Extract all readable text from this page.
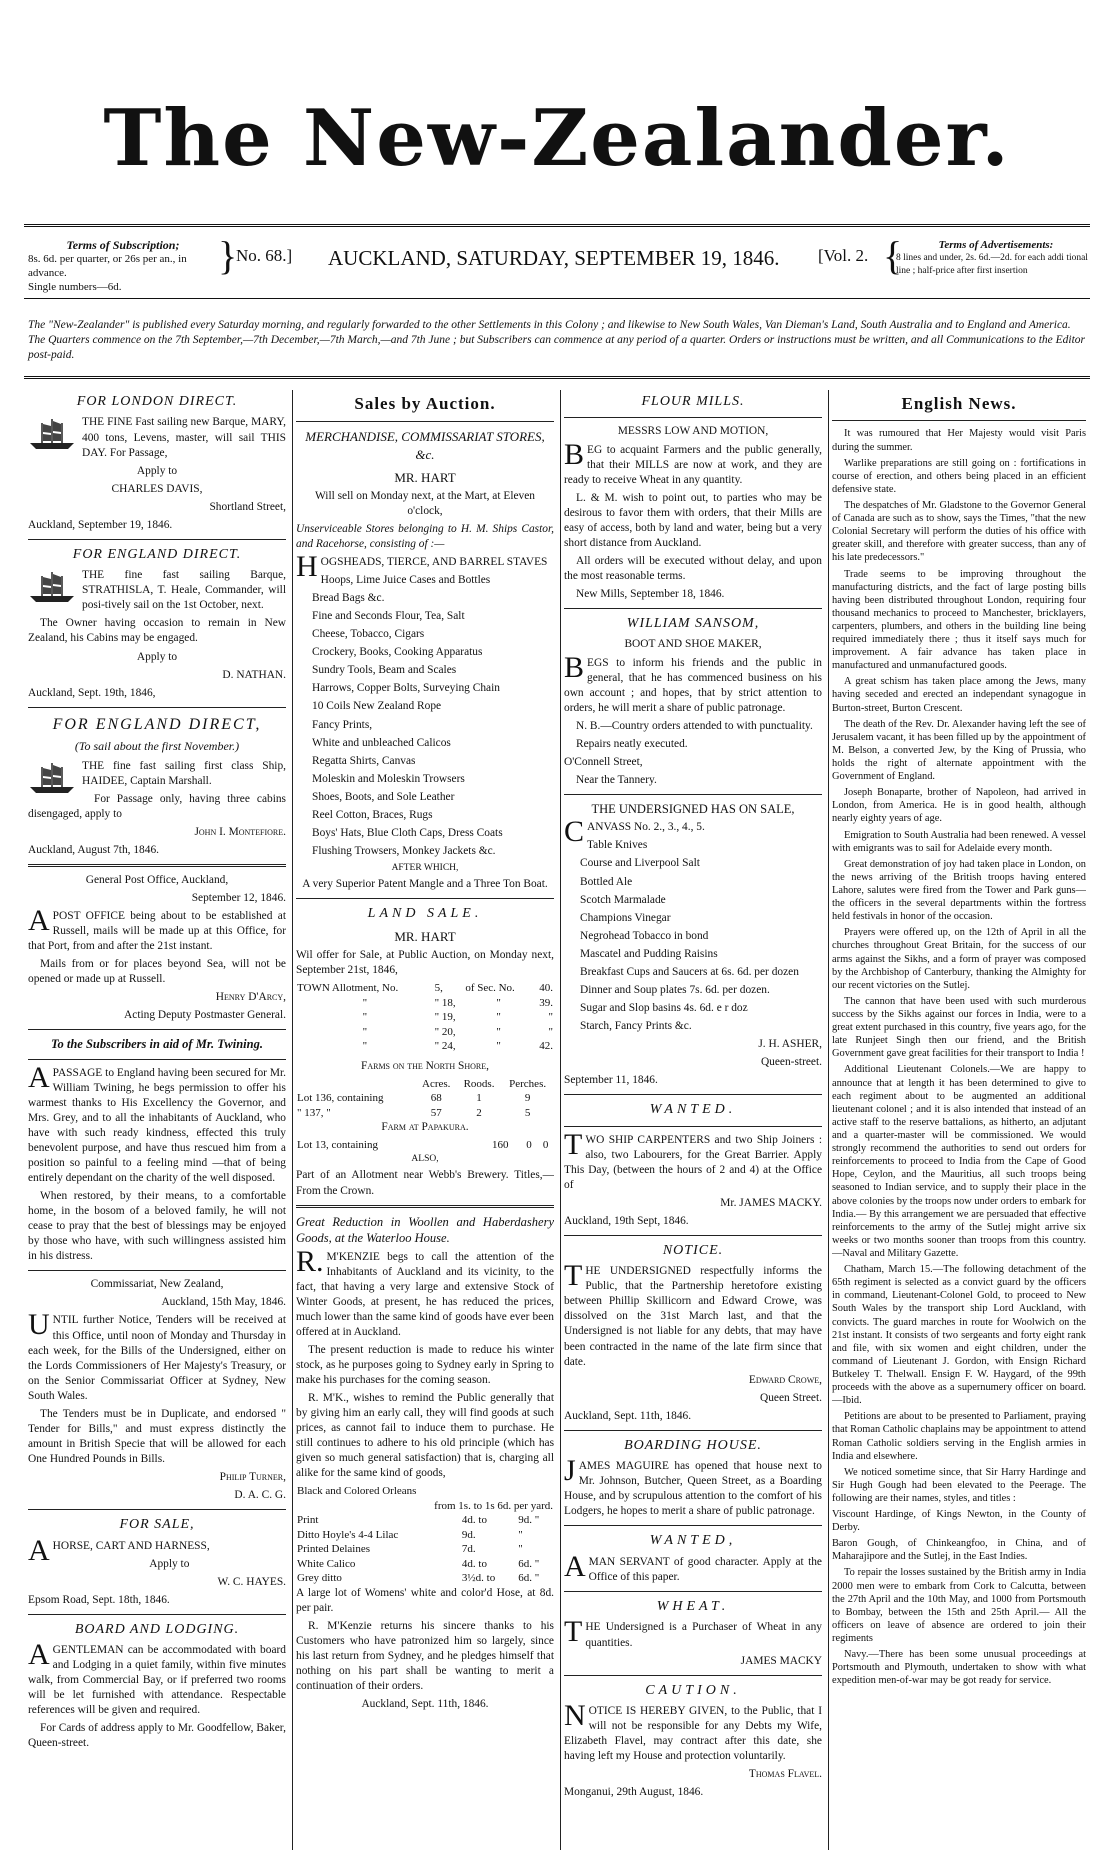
The New-Zealander.
Terms of Subscription;
8s. 6d. per quarter, or 26s per an., in advance.
Single numbers—6d.
}
No. 68.] AUCKLAND, SATURDAY, SEPTEMBER 19, 1846. [Vol. 2. {	Terms of Advertisements:
8 lines and under, 2s. 6d.—2d. for each addi tional line ; half-price after first insertion
The "New-Zealander" is published every Saturday morning, and regularly forwarded to the other Settlements in this Colony ; and likewise to New South Wales, Van Dieman's Land, South Australia and to England and America. The Quarters commence on the 7th September,—7th December,—7th March,—and 7th June ; but Subscribers can commence at any period of a quarter. Orders or instructions must be written, and all Communications to the Editor post-paid.
FOR LONDON DIRECT.

THE FINE Fast sailing new Barque, MARY, 400 tons, Levens, master, will sail THIS DAY. For Passage,

Apply to

CHARLES DAVIS,

Shortland Street,

Auckland, September 19, 1846.

FOR ENGLAND DIRECT.

THE fine fast sailing Barque, STRATHISLA, T. Heale, Commander, will posi-tively sail on the 1st October, next.

The Owner having occasion to remain in New Zealand, his Cabins may be engaged.

Apply to

D. NATHAN.

Auckland, Sept. 19th, 1846,

FOR ENGLAND DIRECT,
(To sail about the first November.)

THE fine fast sailing first class Ship, HAIDEE, Captain Marshall.

For Passage only, having three cabins disengaged, apply to

John I. Montefiore.

Auckland, August 7th, 1846.

General Post Office, Auckland,

September 12, 1846.

APOST OFFICE being about to be established at Russell, mails will be made up at this Office, for that Port, from and after the 21st instant.

Mails from or for places beyond Sea, will not be opened or made up at Russell.

Henry D'Arcy,

Acting Deputy Postmaster General.

To the Subscribers in aid of Mr. Twining.

APASSAGE to England having been secured for Mr. William Twining, he begs permission to offer his warmest thanks to His Excellency the Governor, and Mrs. Grey, and to all the inhabitants of Auckland, who have with such ready kindness, effected this truly benevolent purpose, and have thus rescued him from a position so painful to a feeling mind —that of being entirely dependant on the charity of the well disposed.

When restored, by their means, to a comfortable home, in the bosom of a beloved family, he will not cease to pray that the best of blessings may be enjoyed by those who have, with such willingness assisted him in his distress.

Commissariat, New Zealand,

Auckland, 15th May, 1846.

UNTIL further Notice, Tenders will be received at this Office, until noon of Monday and Thursday in each week, for the Bills of the Undersigned, either on the Lords Commissioners of Her Majesty's Treasury, or on the Senior Commissariat Officer at Sydney, New South Wales.

The Tenders must be in Duplicate, and endorsed " Tender for Bills," and must express distinctly the amount in British Specie that will be allowed for each One Hundred Pounds in Bills.

Philip Turner,

D. A. C. G.

FOR SALE,

AHORSE, CART AND HARNESS,

Apply to

W. C. HAYES.

Epsom Road, Sept. 18th, 1846.

BOARD AND LODGING.

AGENTLEMAN can be accommodated with board and Lodging in a quiet family, within five minutes walk, from Commercial Bay, or if preferred two rooms will be let furnished with attendance. Respectable references will be given and required.

For Cards of address apply to Mr. Goodfellow, Baker, Queen-street.

Sales by Auction.
MERCHANDISE, COMMISSARIAT STORES, &c.

MR. HART

Will sell on Monday next, at the Mart, at Eleven o'clock,

Unserviceable Stores belonging to H. M. Ships Castor, and Racehorse, consisting of :—

HOGSHEADS, TIERCE, AND BARREL STAVES

Hoops, Lime Juice Cases and Bottles

Bread Bags &c.

Fine and Seconds Flour, Tea, Salt

Cheese, Tobacco, Cigars

Crockery, Books, Cooking Apparatus

Sundry Tools, Beam and Scales

Harrows, Copper Bolts, Surveying Chain

10 Coils New Zealand Rope

Fancy Prints,

White and unbleached Calicos

Regatta Shirts, Canvas

Moleskin and Moleskin Trowsers

Shoes, Boots, and Sole Leather

Reel Cotton, Braces, Rugs

Boys' Hats, Blue Cloth Caps, Dress Coats

Flushing Trowsers, Monkey Jackets &c.

AFTER WHICH,

A very Superior Patent Mangle and a Three Ton Boat.

LAND SALE.

MR. HART

Wil offer for Sale, at Public Auction, on Monday next, September 21st, 1846,

TOWN Allotment, No.	5,	of Sec. No.	40.
"	" 18,	"	39.
"	" 19,	"	"
"	" 20,	"	"
"	" 24,	"	42.

Farms on the North Shore,

	Acres.	Roods.	Perches.
Lot 136, containing	68	1	9
" 137, "	57	2	5

Farm at Papakura.

Lot 13, containing	160	0	0

ALSO,

Part of an Allotment near Webb's Brewery. Titles,—From the Crown.

Great Reduction in Woollen and Haberdashery Goods, at the Waterloo House.

R.M'KENZIE begs to call the attention of the Inhabitants of Auckland and its vicinity, to the fact, that having a very large and extensive Stock of Winter Goods, at present, he has reduced the prices, much lower than the same kind of goods have ever been offered at in Auckland.

The present reduction is made to reduce his winter stock, as he purposes going to Sydney early in Spring to make his purchases for the coming season.

R. M'K., wishes to remind the Public generally that by giving him an early call, they will find goods at such prices, as cannot fail to induce them to purchase. He still continues to adhere to his old principle (which has given so much general satisfaction) that is, charging all alike for the same kind of goods,

Black and Colored Orleans		
from 1s. to 1s 6d. per yard.		
Print	4d. to	9d. "
Ditto Hoyle's 4-4 Lilac	9d.	"
Printed Delaines	7d.	"
White Calico	4d. to	6d. "
Grey ditto	3½d. to	6d. "

A large lot of Womens' white and color'd Hose, at 8d. per pair.

R. M'Kenzie returns his sincere thanks to his Customers who have patronized him so largely, since his last return from Sydney, and he pledges himself that nothing on his part shall be wanting to merit a continuation of their orders.

Auckland, Sept. 11th, 1846.

FLOUR MILLS.

MESSRS LOW AND MOTION,

BEG to acquaint Farmers and the public generally, that their MILLS are now at work, and they are ready to receive Wheat in any quantity.

L. & M. wish to point out, to parties who may be desirous to favor them with orders, that their Mills are easy of access, both by land and water, being but a very short distance from Auckland.

All orders will be executed without delay, and upon the most reasonable terms.

New Mills, September 18, 1846.

WILLIAM SANSOM,

BOOT AND SHOE MAKER,

BEGS to inform his friends and the public in general, that he has commenced business on his own account ; and hopes, that by strict attention to orders, he will merit a share of public patronage.

N. B.—Country orders attended to with punctuality.

Repairs neatly executed.

O'Connell Street,

Near the Tannery.

THE UNDERSIGNED HAS ON SALE,

CANVASS No. 2., 3., 4., 5.

Table Knives

Course and Liverpool Salt

Bottled Ale

Scotch Marmalade

Champions Vinegar

Negrohead Tobacco in bond

Mascatel and Pudding Raisins

Breakfast Cups and Saucers at 6s. 6d. per dozen

Dinner and Soup plates 7s. 6d. per dozen.

Sugar and Slop basins 4s. 6d. e r doz

Starch, Fancy Prints &c.

J. H. ASHER,

Queen-street.

September 11, 1846.

WANTED.

TWO SHIP CARPENTERS and two Ship Joiners : also, two Labourers, for the Great Barrier. Apply This Day, (between the hours of 2 and 4) at the Office of

Mr. JAMES MACKY.

Auckland, 19th Sept, 1846.

NOTICE.

THE UNDERSIGNED respectfully informs the Public, that the Partnership heretofore existing between Phillip Skillicorn and Edward Crowe, was dissolved on the 31st March last, and that the Undersigned is not liable for any debts, that may have been contracted in the name of the late firm since that date.

Edward Crowe,

Queen Street.

Auckland, Sept. 11th, 1846.

BOARDING HOUSE.

JAMES MAGUIRE has opened that house next to Mr. Johnson, Butcher, Queen Street, as a Boarding House, and by scrupulous attention to the comfort of his Lodgers, he hopes to merit a share of public patronage.

WANTED,

AMAN SERVANT of good character. Apply at the Office of this paper.

WHEAT.

THE Undersigned is a Purchaser of Wheat in any quantities.

JAMES MACKY

CAUTION.

NOTICE IS HEREBY GIVEN, to the Public, that I will not be responsible for any Debts my Wife, Elizabeth Flavel, may contract after this date, she having left my House and protection voluntarily.

Thomas Flavel.

Monganui, 29th August, 1846.

English News.

It was rumoured that Her Majesty would visit Paris during the summer.

Warlike preparations are still going on : fortifications in course of erection, and others being placed in an efficient defensive state.

The despatches of Mr. Gladstone to the Governor General of Canada are such as to show, says the Times, "that the new Colonial Secretary will perform the duties of his office with greater skill, and therefore with greater success, than any of his late predecessors."

Trade seems to be improving throughout the manufacturing districts, and the fact of large posting bills having been distributed throughout London, requiring four thousand mechanics to proceed to Manchester, bricklayers, carpenters, plumbers, and others in the building line being required immediately there ; thus it itself says much for improvement. A fair advance has taken place in manufactured and unmanufactured goods.

A great schism has taken place among the Jews, many having seceded and erected an independant synagogue in Burton-street, Burton Crescent.

The death of the Rev. Dr. Alexander having left the see of Jerusalem vacant, it has been filled up by the appointment of M. Belson, a converted Jew, by the King of Prussia, who holds the right of alternate appointment with the Government of England.

Joseph Bonaparte, brother of Napoleon, had arrived in London, from America. He is in good health, although nearly eighty years of age.

Emigration to South Australia had been renewed. A vessel with emigrants was to sail for Adelaide every month.

Great demonstration of joy had taken place in London, on the news arriving of the British troops having entered Lahore, salutes were fired from the Tower and Park guns—the officers in the several departments within the fortress held festivals in honor of the occasion.

Prayers were offered up, on the 12th of April in all the churches throughout Great Britain, for the success of our arms against the Sikhs, and a form of prayer was composed by the Archbishop of Canterbury, thanking the Almighty for our recent victories on the Sutlej.

The cannon that have been used with such murderous success by the Sikhs against our forces in India, were to a great extent purchased in this country, five years ago, for the late Runjeet Singh then our friend, and the British Government gave great facilities for their transport to India !

Additional Lieutenant Colonels.—We are happy to announce that at length it has been determined to give to each regiment about to be augmented an additional lieutenant colonel ; and it is also intended that instead of an active staff to the reserve battalions, as hitherto, an adjutant and a quarter-master will be commissioned. We would strongly recommend the authorities to send out orders for reinforcements to proceed to India from the Cape of Good Hope, Ceylon, and the Mauritius, all such troops being seasoned to Indian service, and to supply their place in the above colonies by the troops now under orders to embark for India.— By this arrangement we are persuaded that effective reinforcements to the army of the Sutlej might arrive six weeks or two months sooner than troops from this country.—Naval and Military Gazette.

Chatham, March 15.—The following detachment of the 65th regiment is selected as a convict guard by the officers in command, Lieutenant-Colonel Gold, to proceed to New South Wales by the transport ship Lord Auckland, with convicts. The guard marches in route for Woolwich on the 21st instant. It consists of two sergeants and forty eight rank and file, with six women and eight children, under the command of Lieutenant J. Gordon, with Ensign Richard Butkeley T. Thelwall. Ensign F. W. Haygard, of the 99th proceeds with the above as a supernumery officer on board.—Ibid.

Petitions are about to be presented to Parliament, praying that Roman Catholic chaplains may be appointment to attend Roman Catholic soldiers serving in the English armies in India and elsewhere.

We noticed sometime since, that Sir Harry Hardinge and Sir Hugh Gough had been elevated to the Peerage. The following are their names, styles, and titles :

Viscount Hardinge, of Kings Newton, in the County of Derby.

Baron Gough, of Chinkeangfoo, in China, and of Maharajipore and the Sutlej, in the East Indies.

To repair the losses sustained by the British army in India 2000 men were to embark from Cork to Calcutta, between the 27th April and the 10th May, and 1000 from Portsmouth to Bombay, between the 15th and 25th April.— All the officers on leave of absence are ordered to join their regiments

Navy.—There has been some unusual proceedings at Portsmouth and Plymouth, undertaken to show with what expedition men-of-war may be got ready for service.
